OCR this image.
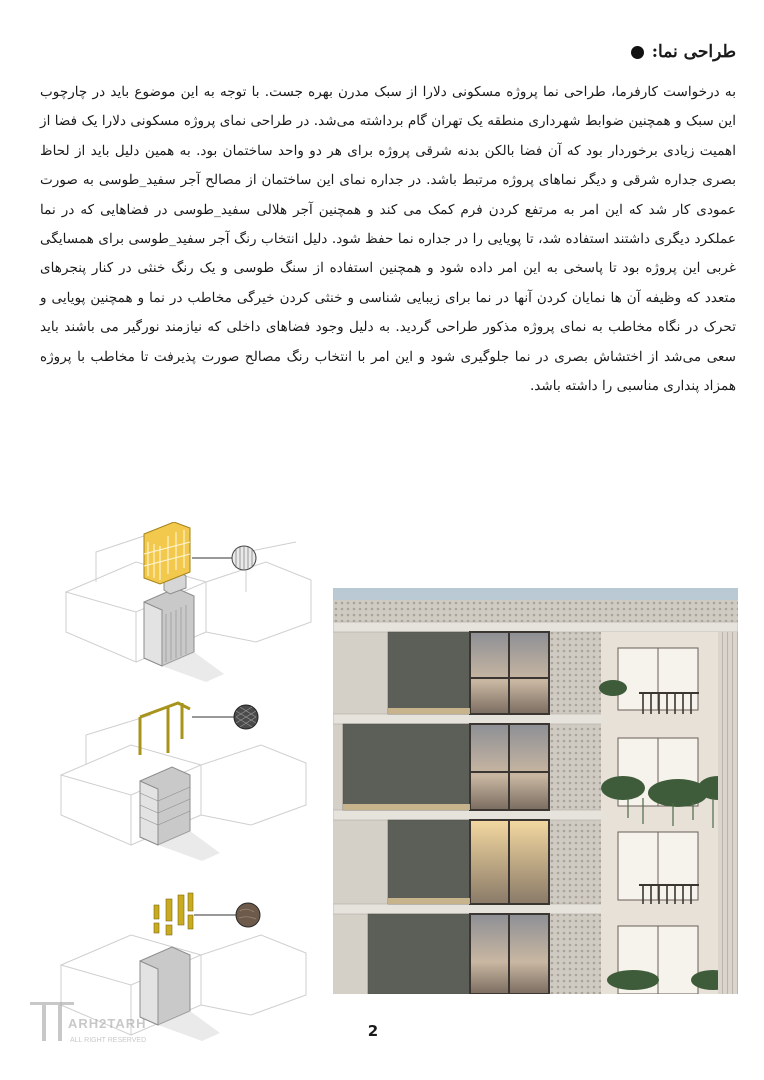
طراحی نما:
به درخواست کارفرما، طراحی نما پروژه مسکونی دلارا از سبک مدرن بهره جست. با توجه به این موضوع باید در چارچوب این سبک و همچنین ضوابط شهرداری منطقه یک تهران گام برداشته می‌شد. در طراحی نمای پروژه مسکونی دلارا یک فضا از اهمیت زیادی برخوردار بود که آن فضا بالکن بدنه شرقی پروژه برای هر دو واحد ساختمان بود. به همین دلیل باید از لحاظ بصری جداره شرقی و دیگر نماهای پروژه مرتبط باشد. در جداره نمای این ساختمان از مصالح آجر سفید_طوسی به صورت عمودی کار شد که این امر به مرتفع کردن فرم کمک می کند و همچنین آجر هلالی سفید_طوسی در فضاهایی که در نما عملکرد دیگری داشتند استفاده شد، تا پویایی را در جداره نما حفظ شود. دلیل انتخاب رنگ آجر سفید_طوسی برای همسایگی غربی این پروژه بود تا پاسخی به این امر داده شود و همچنین استفاده از سنگ طوسی و یک رنگ خنثی در کنار پنجرهای متعدد که وظیفه آن ها نمایان کردن آنها در نما برای زیبایی شناسی و خنثی کردن خیرگی مخاطب در نما و همچنین پویایی و تحرک در نگاه مخاطب به نمای پروژه مذکور طراحی گردید. به دلیل وجود فضاهای داخلی که نیازمند نورگیر می باشند باید سعی می‌شد از اختشاش بصری در نما جلوگیری شود و این امر با انتخاب رنگ مصالح صورت پذیرفت تا مخاطب با پروژه همزاد پنداری مناسبی را داشته باشد.
2
ARH2TARH
ALL RIGHT RESERVED
